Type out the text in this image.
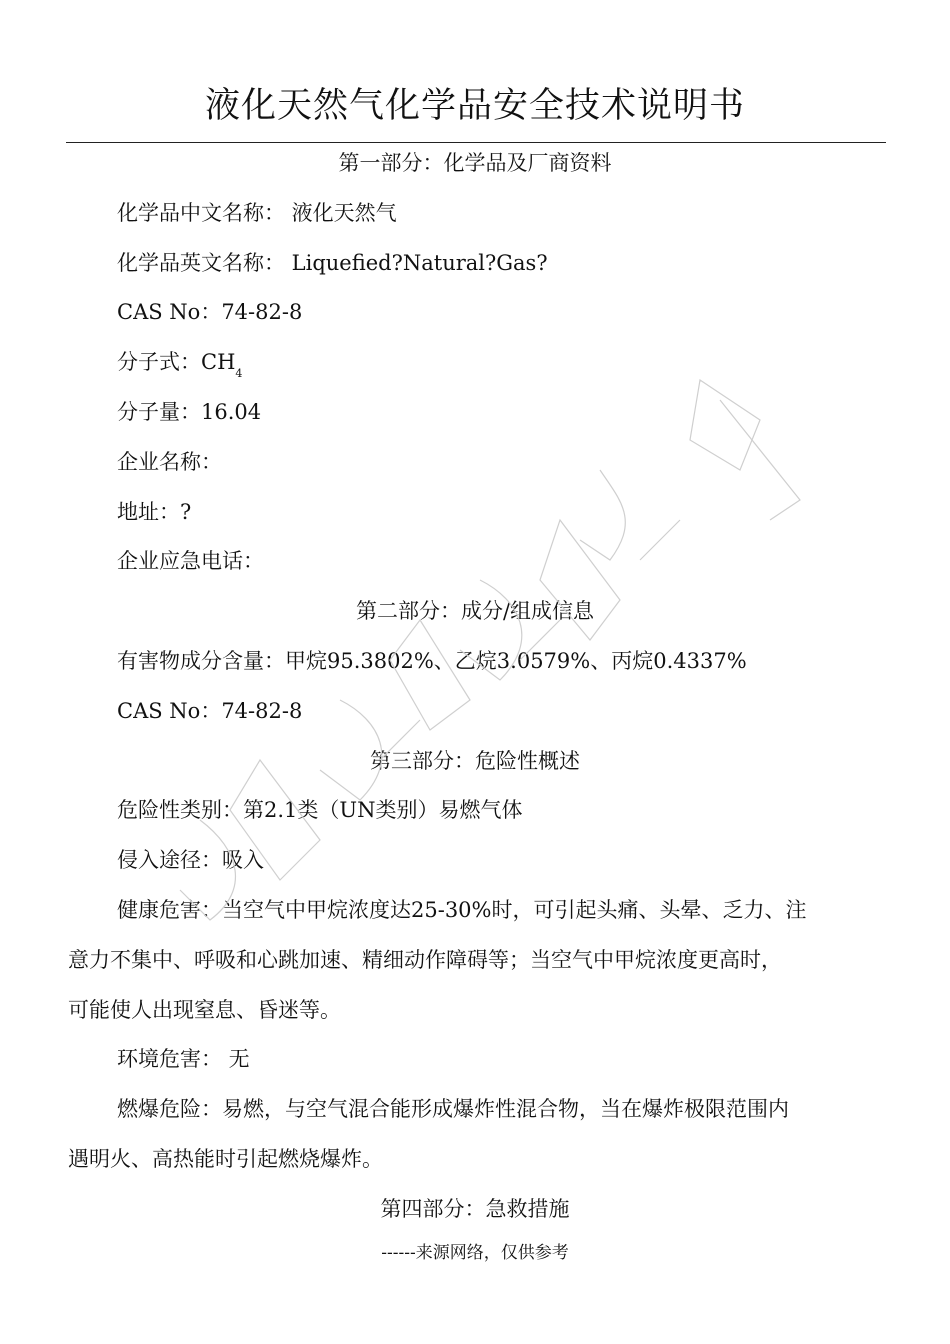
液化天然气化学品安全技术说明书
第一部分：化学品及厂商资料
化学品中文名称： 液化天然气
化学品英文名称： Liquefied?Natural?Gas?
CAS No：74-82-8
分子式：$CH_4$
分子量：16.04
企业名称：
地址：?
企业应急电话：
第二部分：成分/组成信息
有害物成分含量：甲烷95.3802%、乙烷3.0579%、丙烷0.4337%
CAS No：74-82-8
第三部分：危险性概述
危险性类别：第2.1类（UN类别）易燃气体
侵入途径：吸入
健康危害：当空气中甲烷浓度达25-30%时，可引起头痛、头晕、乏力、注
意力不集中、呼吸和心跳加速、精细动作障碍等；当空气中甲烷浓度更高时，
可能使人出现窒息、昏迷等。
环境危害： 无
燃爆危险：易燃，与空气混合能形成爆炸性混合物，当在爆炸极限范围内
遇明火、高热能时引起燃烧爆炸。
第四部分：急救措施
------来源网络，仅供参考
